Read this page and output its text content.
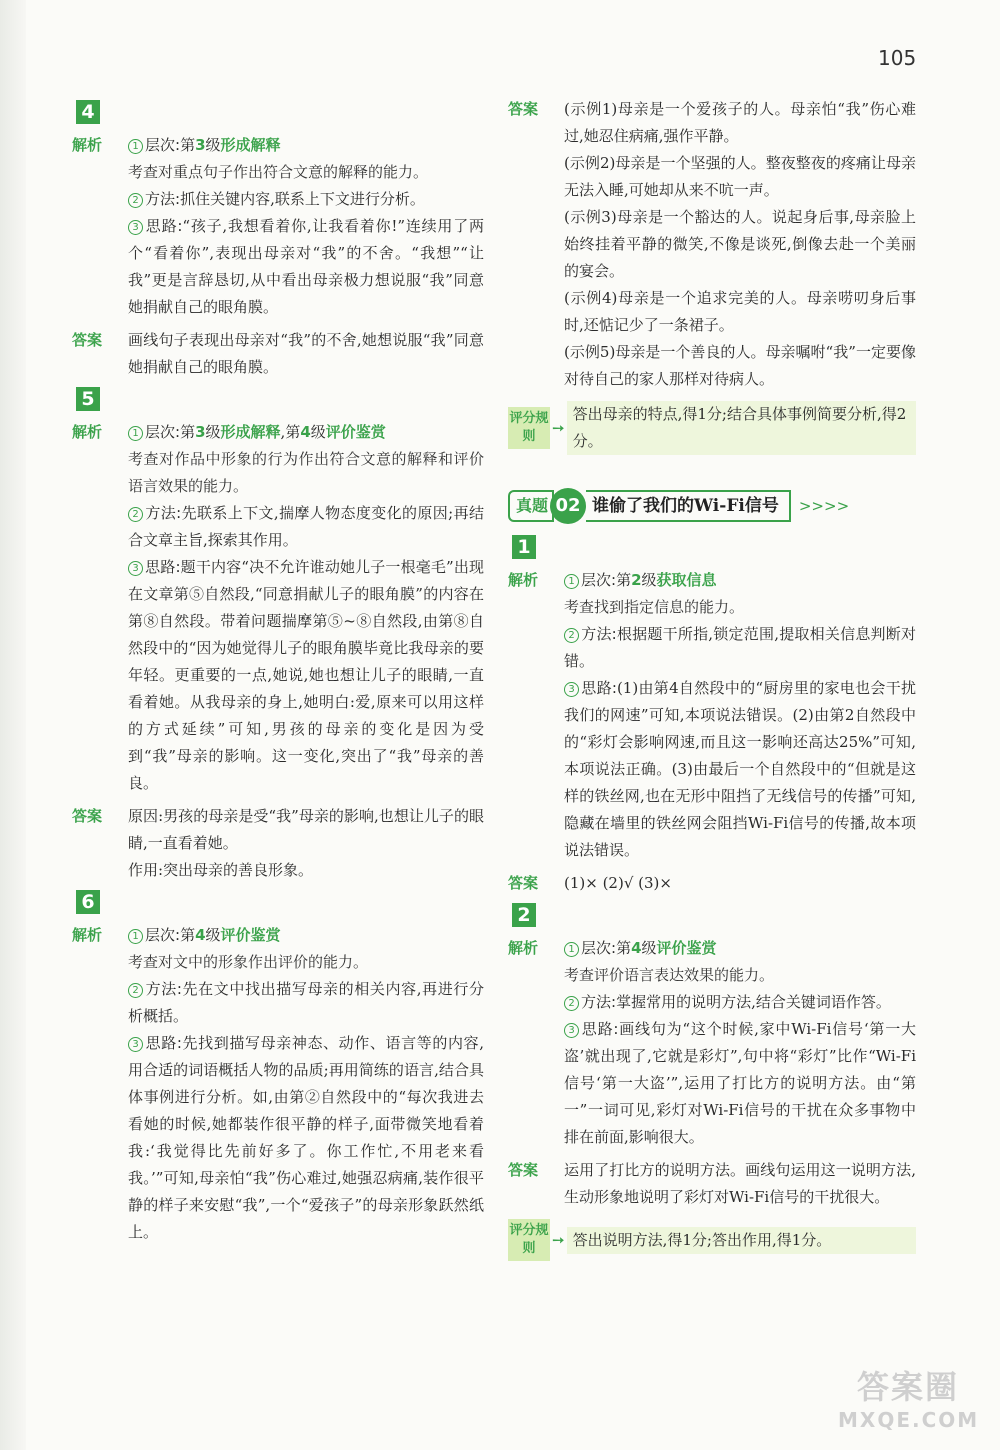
105
4
解析	1 层次:第3级形成解释

考查对重点句子作出符合文意的解释的能力。

2 方法:抓住关键内容,联系上下文进行分析。

3 思路:“孩子,我想看着你,让我看着你!”连续用了两个“看着你”,表现出母亲对“我”的不舍。“我想”“让我”更是言辞恳切,从中看出母亲极力想说服“我”同意她捐献自己的眼角膜。

答案	画线句子表现出母亲对“我”的不舍,她想说服“我”同意她捐献自己的眼角膜。

5
解析	1 层次:第3级形成解释,第4级评价鉴赏

考查对作品中形象的行为作出符合文意的解释和评价语言效果的能力。

2 方法:先联系上下文,揣摩人物态度变化的原因;再结合文章主旨,探索其作用。

3 思路:题干内容“决不允许谁动她儿子一根毫毛”出现在文章第⑤自然段,“同意捐献儿子的眼角膜”的内容在第⑧自然段。带着问题揣摩第⑤~⑧自然段,由第⑧自然段中的“因为她觉得儿子的眼角膜毕竟比我母亲的要年轻。更重要的一点,她说,她也想让儿子的眼睛,一直看着她。从我母亲的身上,她明白:爱,原来可以用这样的方式延续”可知,男孩的母亲的变化是因为受到“我”母亲的影响。这一变化,突出了“我”母亲的善良。

答案	原因:男孩的母亲是受“我”母亲的影响,也想让儿子的眼睛,一直看着她。

作用:突出母亲的善良形象。

6
解析	1 层次:第4级评价鉴赏

考查对文中的形象作出评价的能力。

2 方法:先在文中找出描写母亲的相关内容,再进行分析概括。

3 思路:先找到描写母亲神态、动作、语言等的内容,用合适的词语概括人物的品质;再用简练的语言,结合具体事例进行分析。如,由第②自然段中的“每次我进去看她的时候,她都装作很平静的样子,面带微笑地看着我:‘我觉得比先前好多了。你工作忙,不用老来看我。’”可知,母亲怕“我”伤心难过,她强忍病痛,装作很平静的样子来安慰“我”,一个“爱孩子”的母亲形象跃然纸上。

答案	(示例1)母亲是一个爱孩子的人。母亲怕“我”伤心难过,她忍住病痛,强作平静。

(示例2)母亲是一个坚强的人。整夜整夜的疼痛让母亲无法入睡,可她却从来不吭一声。

(示例3)母亲是一个豁达的人。说起身后事,母亲脸上始终挂着平静的微笑,不像是谈死,倒像去赴一个美丽的宴会。

(示例4)母亲是一个追求完美的人。母亲唠叨身后事时,还惦记少了一条裙子。

(示例5)母亲是一个善良的人。母亲嘱咐“我”一定要像对待自己的家人那样对待病人。

评分规则	➙
答出母亲的特点,得1分;结合具体事例简要分析,得2分。
真题 02 谁偷了我们的Wi-Fi信号	>>>>
1
解析	1 层次:第2级获取信息

考查找到指定信息的能力。

2 方法:根据题干所指,锁定范围,提取相关信息判断对错。

3 思路:(1)由第4自然段中的“厨房里的家电也会干扰我们的网速”可知,本项说法错误。(2)由第2自然段中的“彩灯会影响网速,而且这一影响还高达25%”可知,本项说法正确。(3)由最后一个自然段中的“但就是这样的铁丝网,也在无形中阻挡了无线信号的传播”可知,隐藏在墙里的铁丝网会阻挡Wi-Fi信号的传播,故本项说法错误。

答案	(1)× (2)√ (3)×

2
解析	1 层次:第4级评价鉴赏

考查评价语言表达效果的能力。

2 方法:掌握常用的说明方法,结合关键词语作答。

3 思路:画线句为“这个时候,家中Wi-Fi信号‘第一大盗’就出现了,它就是彩灯”,句中将“彩灯”比作“Wi-Fi信号‘第一大盗’”,运用了打比方的说明方法。由“第一”一词可见,彩灯对Wi-Fi信号的干扰在众多事物中排在前面,影响很大。

答案	运用了打比方的说明方法。画线句运用这一说明方法,生动形象地说明了彩灯对Wi-Fi信号的干扰很大。

评分规则	➙ 答出说明方法,得1分;答出作用,得1分。
答案圈
MXQE.COM
